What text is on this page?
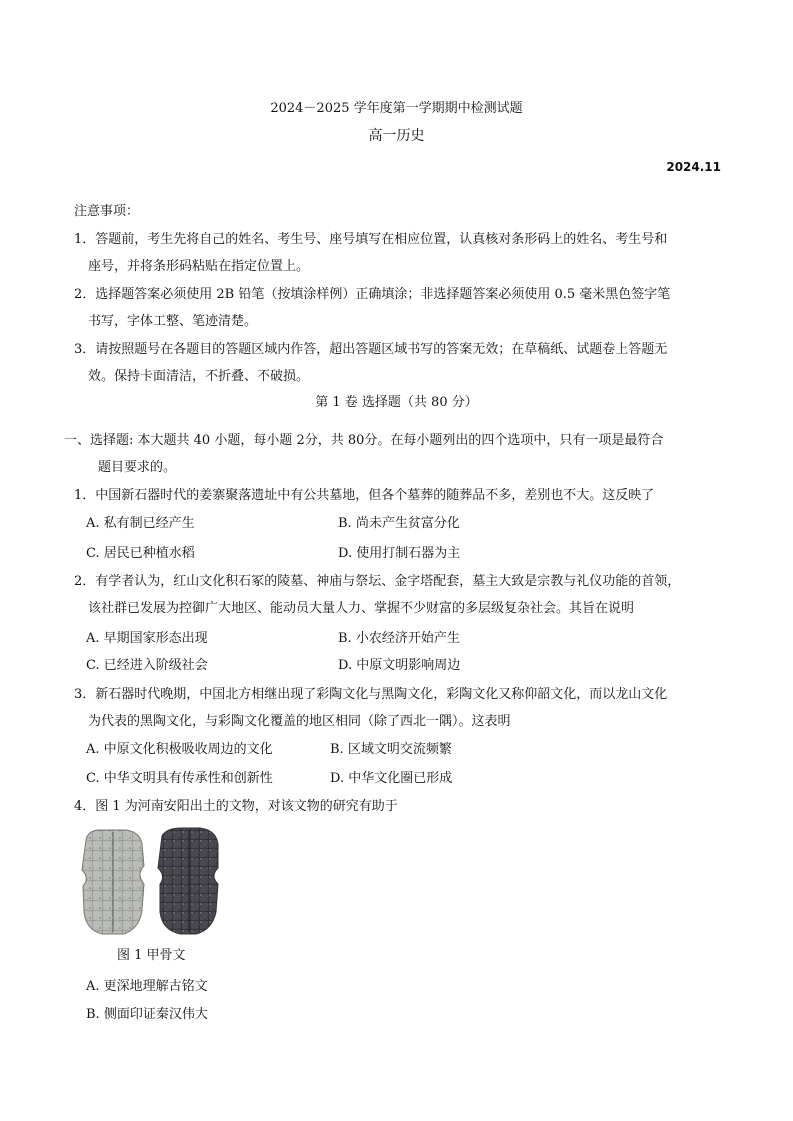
2024－2025 学年度第一学期期中检测试题
高一历史
2024.11
注意事项：
1．答题前，考生先将自己的姓名、考生号、座号填写在相应位置，认真核对条形码上的姓名、考生号和
座号，并将条形码粘贴在指定位置上。
2．选择题答案必须使用 2B 铅笔（按填涂样例）正确填涂；非选择题答案必须使用 0.5 毫米黑色签字笔
书写，字体工整、笔迹清楚。
3．请按照题号在各题目的答题区域内作答，超出答题区域书写的答案无效；在草稿纸、试题卷上答题无
效。保持卡面清洁，不折叠、不破损。
第 1 卷 选择题（共 80 分）
一、选择题: 本大题共 40 小题，每小题 2分，共 80分。在每小题列出的四个选项中，只有一项是最符合
题目要求的。
1．中国新石器时代的姜寨聚落遗址中有公共墓地，但各个墓葬的随葬品不多，差别也不大。这反映了
A. 私有制已经产生	B. 尚未产生贫富分化
C. 居民已种植水稻	D. 使用打制石器为主
2．有学者认为，红山文化积石冢的陵墓、神庙与祭坛、金字塔配套，墓主大致是宗教与礼仪功能的首领，
该社群已发展为控御广大地区、能动员大量人力、掌握不少财富的多层级复杂社会。其旨在说明
A. 早期国家形态出现	B. 小农经济开始产生
C. 已经进入阶级社会	D. 中原文明影响周边
3．新石器时代晚期，中国北方相继出现了彩陶文化与黑陶文化，彩陶文化又称仰韶文化，而以龙山文化
为代表的黑陶文化，与彩陶文化覆盖的地区相同（除了西北一隅）。这表明
A. 中原文化积极吸收周边的文化	B. 区域文明交流频繁
C. 中华文明具有传承性和创新性	D. 中华文化圈已形成
4．图 1 为河南安阳出土的文物，对该文物的研究有助于
图 1 甲骨文
A. 更深地理解古铭文
B. 侧面印证秦汉伟大
